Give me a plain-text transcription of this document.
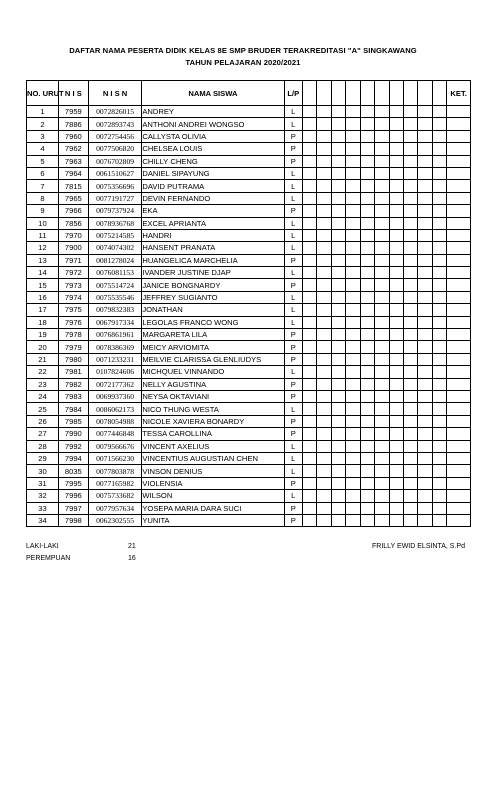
DAFTAR NAMA PESERTA DIDIK KELAS 8E SMP BRUDER TERAKREDITASI "A" SINGKAWANG
TAHUN PELAJARAN 2020/2021
NO. URUT	N I S	N I S N	NAMA SISWA	L/P											KET.
1	7959	0072826015	ANDREY	L											
2	7886	0072893743	ANTHONI ANDREI WONGSO	L											
3	7960	0072754456	CALLYSTA OLIVIA	P											
4	7962	0077506820	CHELSEA LOUIS	P											
5	7963	0076702809	CHILLY CHENG	P											
6	7964	0061510627	DANIEL SIPAYUNG	L											
7	7815	0075356696	DAVID PUTRAMA	L											
8	7965	0077191727	DEVIN FERNANDO	L											
9	7966	0079737924	EKA	P											
10	7856	0078936768	EXCEL APRIANTA	L											
11	7970	0075214585	HANDRI	L											
12	7900	0074074302	HANSENT PRANATA	L											
13	7971	0081278024	HUANGELICA MARCHELIA	P											
14	7972	0076081153	IVANDER JUSTINE DJAP	L											
15	7973	0075514724	JANICE BONGNARDY	P											
16	7974	0075535546	JEFFREY SUGIANTO	L											
17	7975	0079832383	JONATHAN	L											
18	7976	0067917334	LEGOLAS FRANCO WONG	L											
19	7978	0076861961	MARGARETA LILA	P											
20	7979	0078386369	MEICY ARVIOMITA	P											
21	7980	0071233231	MEILVIE CLARISSA GLENLIUDYS	P											
22	7981	0107824606	MICHQUEL VINNANDO	L											
23	7982	0072177362	NELLY AGUSTINA	P											
24	7983	0069937360	NEYSA OKTAVIANI	P											
25	7984	0086062173	NICO THUNG WESTA	L											
26	7985	0078054988	NICOLE XAVIERA BONARDY	P											
27	7990	0077446848	TESSA CAROLLINA	P											
28	7992	0079566676	VINCENT AXELIUS	L											
29	7994	0071566230	VINCENTIUS AUGUSTIAN CHEN	L											
30	8035	0077803878	VINSON DENIUS	L											
31	7995	0077165982	VIOLENSIA	P											
32	7996	0075733682	WILSON	L											
33	7997	0077957634	YOSEPA MARIA DARA SUCI	P											
34	7998	0062302555	YUNITA	P											
LAKI-LAKI	21
PEREMPUAN	16
FRILLY EWID ELSINTA, S.Pd
